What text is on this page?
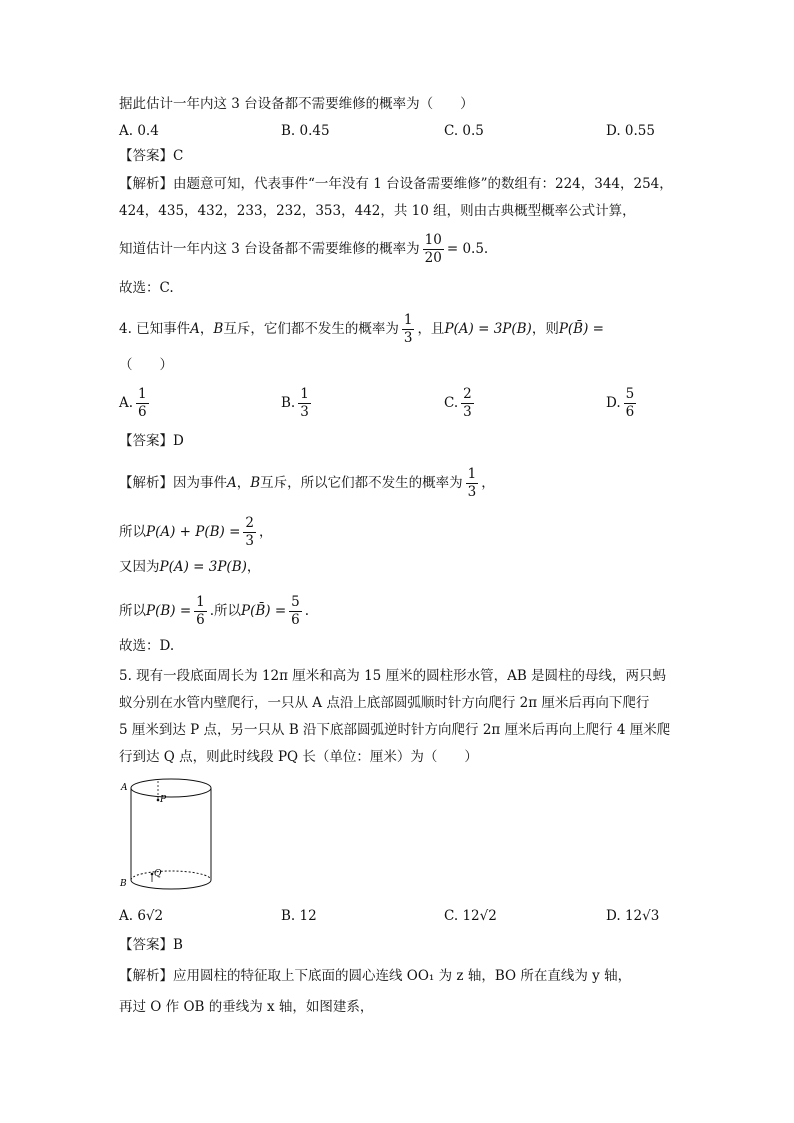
据此估计一年内这 3 台设备都不需要维修的概率为（　　）
A. 0.4	B. 0.45	C. 0.5	D. 0.55
【答案】C
【解析】由题意可知，代表事件“一年没有 1 台设备需要维修”的数组有：224，344，254，
424，435，432，233，232，353，442，共 10 组，则由古典概型概率公式计算，
知道估计一年内这 3 台设备都不需要维修的概率为 $\frac{10}{20} = 0.5$.
故选：C.
4. 已知事件A，B互斥，它们都不发生的概率为 $\frac{1}{3}$ ，且P(A) = 3P(B)，则P(B̄) =
（　　）
A. $\frac{1}{6}$	B. $\frac{1}{3}$	C. $\frac{2}{3}$	D. $\frac{5}{6}$
【答案】D
【解析】因为事件A，B互斥，所以它们都不发生的概率为 $\frac{1}{3}$ ，
所以$P(A) + P(B) = \frac{2}{3}$ ，
又因为P(A) = 3P(B)，
所以$P(B) = \frac{1}{6}$ .所以P(B̄) = $\frac{5}{6}$ .
故选：D.
5. 现有一段底面周长为 12π 厘米和高为 15 厘米的圆柱形水管，AB 是圆柱的母线，两只蚂
蚁分别在水管内壁爬行，一只从 A 点沿上底部圆弧顺时针方向爬行 2π 厘米后再向下爬行
5 厘米到达 P 点，另一只从 B 沿下底部圆弧逆时针方向爬行 2π 厘米后再向上爬行 4 厘米爬
行到达 Q 点，则此时线段 PQ 长（单位：厘米）为（　　）
A
P
B
Q
A. 6√2	B. 12	C. 12√2	D. 12√3
【答案】B
【解析】应用圆柱的特征取上下底面的圆心连线 OO₁ 为 z 轴，BO 所在直线为 y 轴，
再过 O 作 OB 的垂线为 x 轴，如图建系，
